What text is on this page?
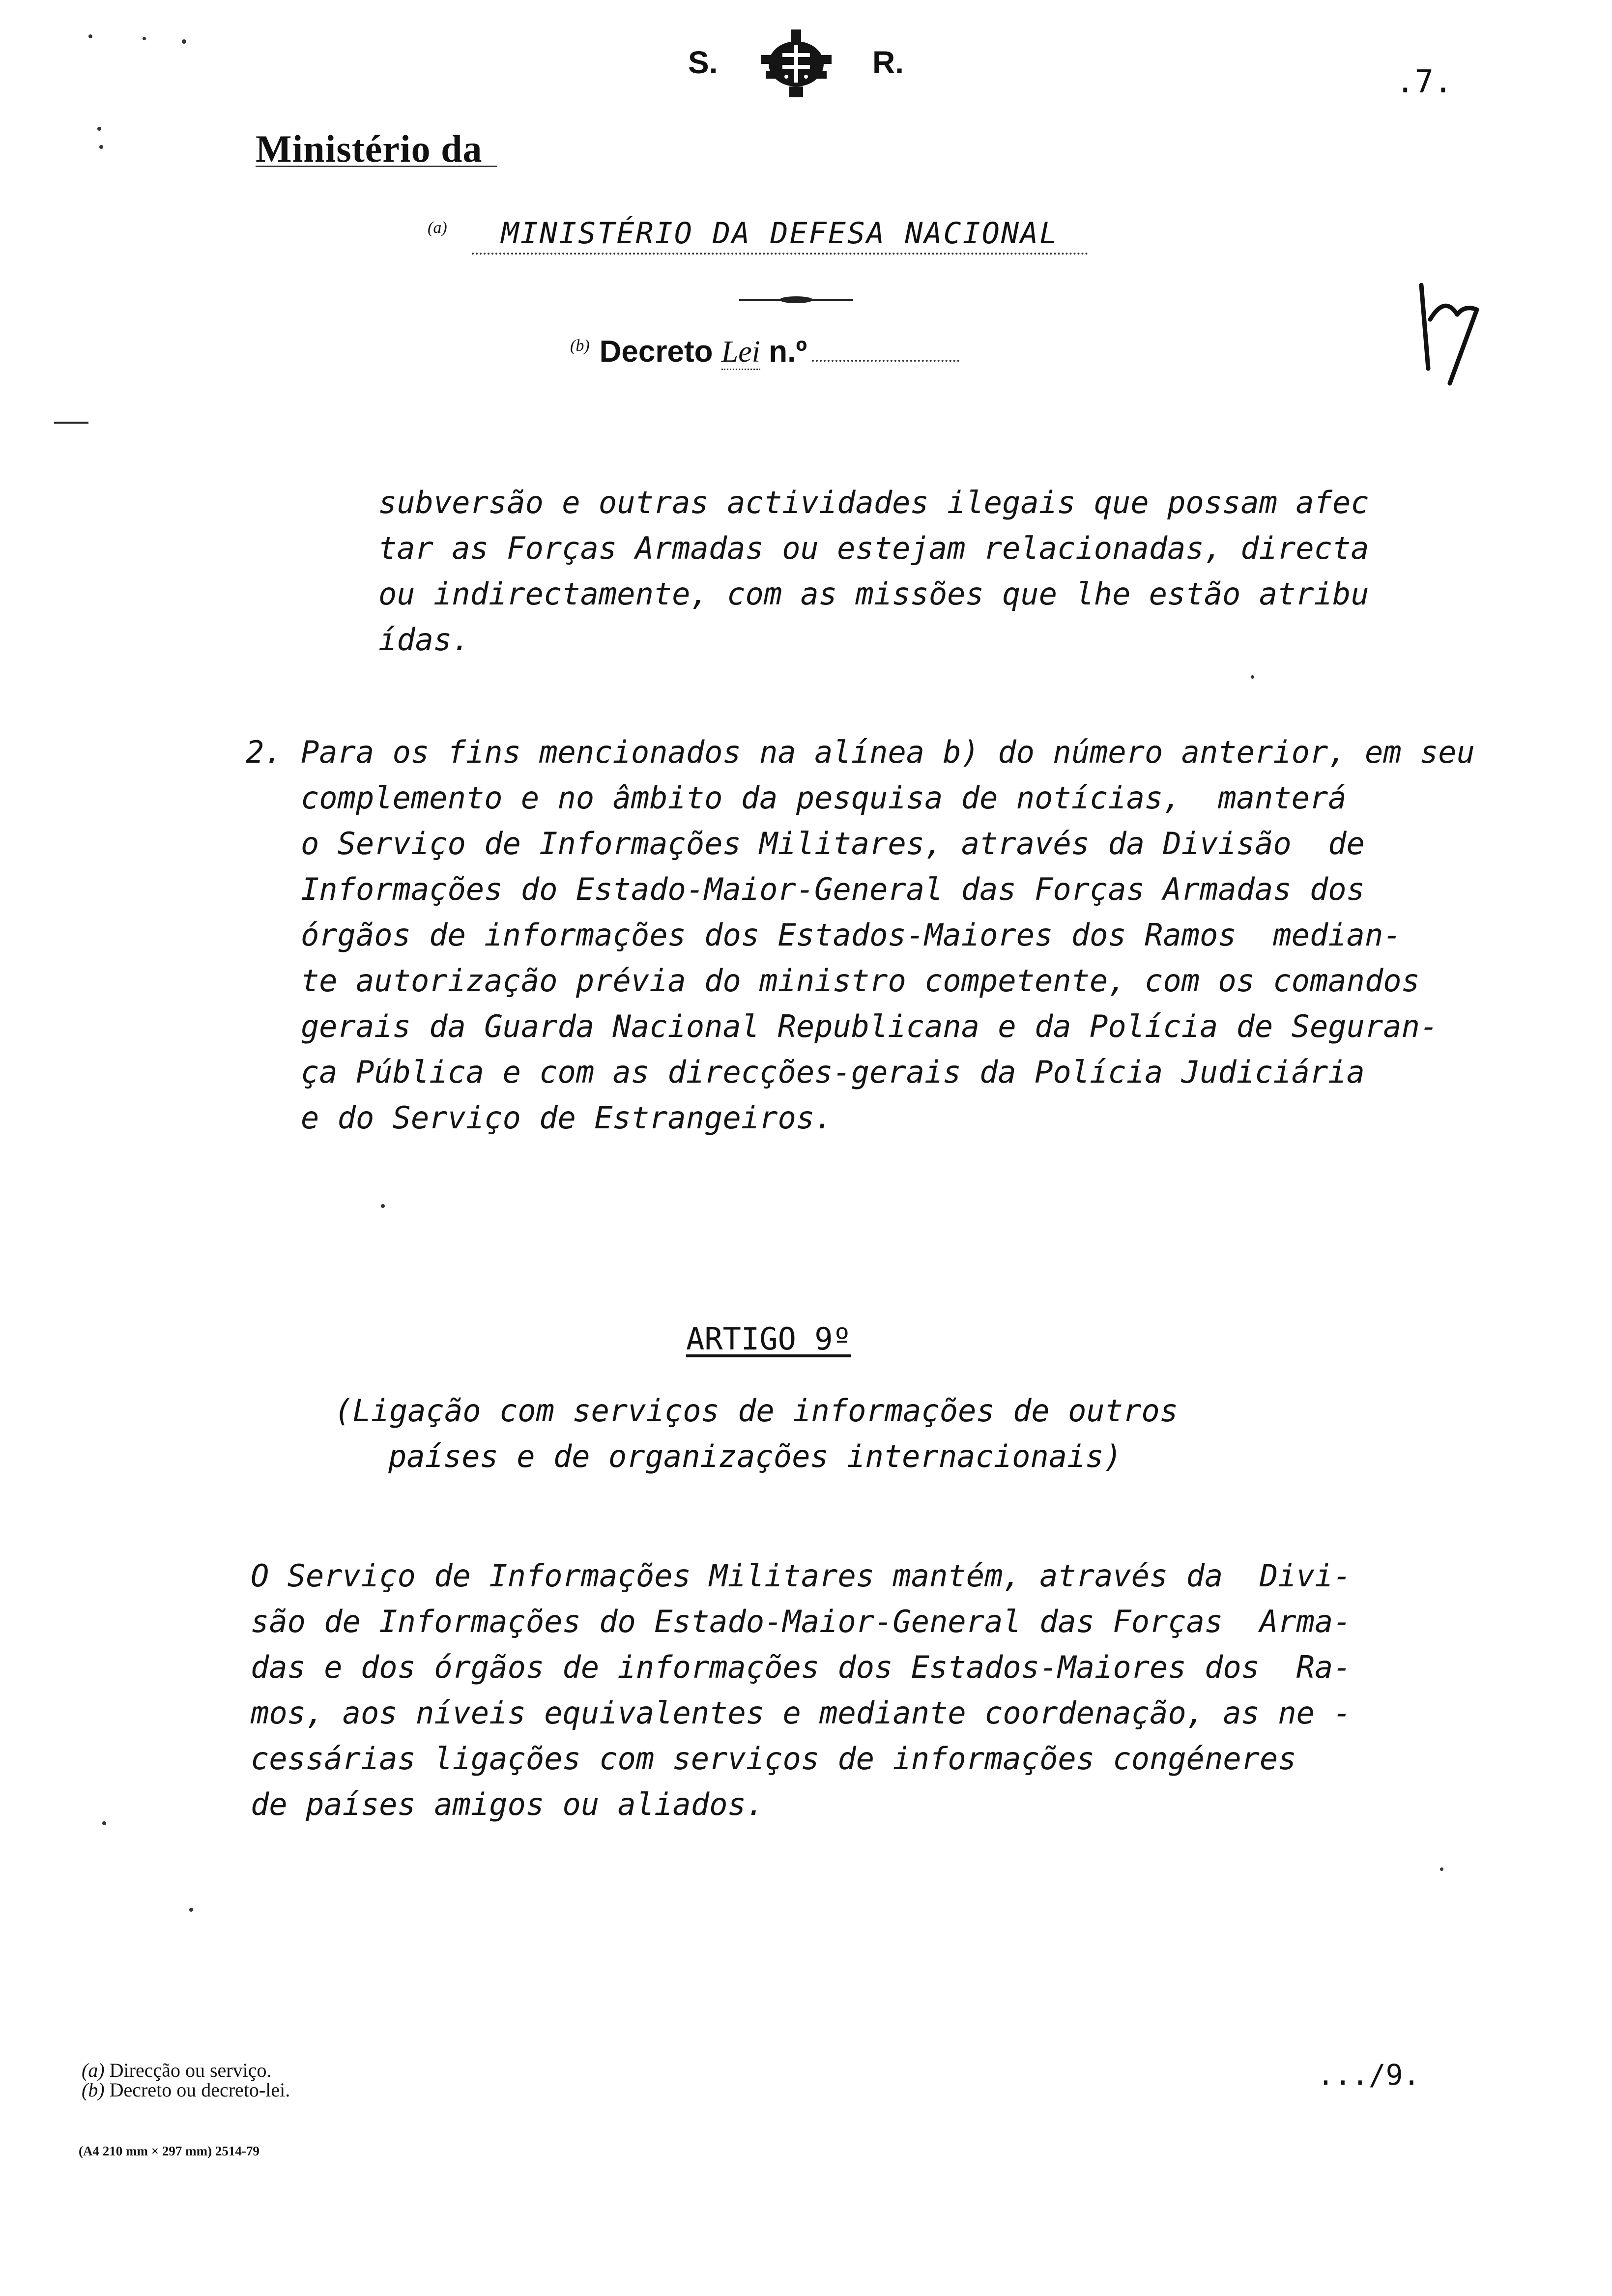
S.	R.
.7.
Ministério da
$^{(a)}$ MINISTÉRIO DA DEFESA NACIONAL
$^{(b)}$ Decreto Lei n.º
subversão e outras actividades ilegais que possam afec
tar as Forças Armadas ou estejam relacionadas, directa
ou indirectamente, com as missões que lhe estão atribu
ídas.
2. Para os fins mencionados na alínea b) do número anterior, em seu
complemento e no âmbito da pesquisa de notícias,  manterá
o Serviço de Informações Militares, através da Divisão  de
Informações do Estado-Maior-General das Forças Armadas dos
órgãos de informações dos Estados-Maiores dos Ramos  median-
te autorização prévia do ministro competente, com os comandos
gerais da Guarda Nacional Republicana e da Polícia de Seguran-
ça Pública e com as direcções-gerais da Polícia Judiciária
e do Serviço de Estrangeiros.
ARTIGO 9º
(Ligação com serviços de informações de outros
países e de organizações internacionais)
O Serviço de Informações Militares mantém, através da  Divi-
são de Informações do Estado-Maior-General das Forças  Arma-
das e dos órgãos de informações dos Estados-Maiores dos  Ra-
mos, aos níveis equivalentes e mediante coordenação, as ne -
cessárias ligações com serviços de informações congéneres
de países amigos ou aliados.
(a) Direcção ou serviço.
(b) Decreto ou decreto-lei.
(A4 210 mm × 297 mm) 2514-79
.../9.
